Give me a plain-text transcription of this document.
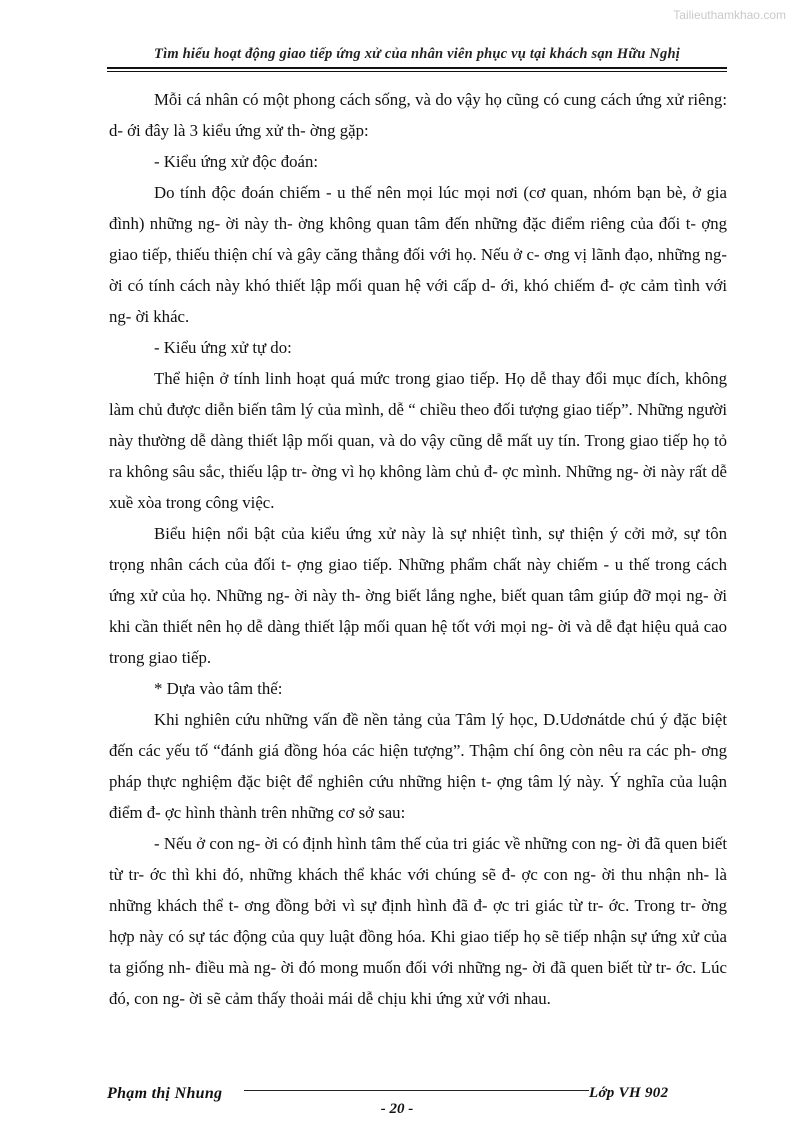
Tailieuthamkhao.com
Tìm hiểu hoạt động giao tiếp ứng xử của nhân viên phục vụ tại khách sạn Hữu Nghị

Mỗi cá nhân có một phong cách sống, và do vậy họ cũng có cung cách ứng xử riêng: d- ới đây là 3 kiểu ứng xử th- ờng gặp:

- Kiểu ứng xử độc đoán:

Do tính độc đoán chiếm - u thế nên mọi lúc mọi nơi (cơ quan, nhóm bạn bè, ở gia đình) những ng- ời này th- ờng không quan tâm đến những đặc điểm riêng của đối t- ợng giao tiếp, thiếu thiện chí và gây căng thẳng đối với họ. Nếu ở c- ơng vị lãnh đạo, những ng- ời có tính cách này khó thiết lập mối quan hệ với cấp d- ới, khó chiếm đ- ợc cảm tình với ng- ời khác.

- Kiểu ứng xử tự do:

Thể hiện ở tính linh hoạt quá mức trong giao tiếp. Họ dễ thay đổi mục đích, không làm chủ được diễn biến tâm lý của mình, dễ “ chiều theo đối tượng giao tiếp”. Những người này thường dễ dàng thiết lập mối quan, và do vậy cũng dễ mất uy tín. Trong giao tiếp họ tỏ ra không sâu sắc, thiếu lập tr- ờng vì họ không làm chủ đ- ợc mình. Những ng- ời này rất dễ xuề xòa trong công việc.

Biểu hiện nổi bật của kiểu ứng xử này là sự nhiệt tình, sự thiện ý cởi mở, sự tôn trọng nhân cách của đối t- ợng giao tiếp. Những phẩm chất này chiếm - u thế trong cách ứng xử của họ. Những ng- ời này th- ờng biết lắng nghe, biết quan tâm giúp đỡ mọi ng- ời khi cần thiết nên họ dễ dàng thiết lập mối quan hệ tốt với mọi ng- ời và dễ đạt hiệu quả cao trong giao tiếp.

* Dựa vào tâm thế:

Khi nghiên cứu những vấn đề nền tảng của Tâm lý học, D.Udơnátde chú ý đặc biệt đến các yếu tố “đánh giá đồng hóa các hiện tượng”. Thậm chí ông còn nêu ra các ph- ơng pháp thực nghiệm đặc biệt để nghiên cứu những hiện t- ợng tâm lý này. Ý nghĩa của luận điểm đ- ợc hình thành trên những cơ sở sau:

- Nếu ở con ng- ời có định hình tâm thế của tri giác về những con ng- ời đã quen biết từ tr- ớc thì khi đó, những khách thể khác với chúng sẽ đ- ợc con ng- ời thu nhận nh- là những khách thể t- ơng đồng bởi vì sự định hình đã đ- ợc tri giác từ tr- ớc. Trong tr- ờng hợp này có sự tác động của quy luật đồng hóa. Khi giao tiếp họ sẽ tiếp nhận sự ứng xử của ta giống nh- điều mà ng- ời đó mong muốn đối với những ng- ời đã quen biết từ tr- ớc. Lúc đó, con ng- ời sẽ cảm thấy thoải mái dễ chịu khi ứng xử với nhau.

Phạm thị Nhung	Lớp VH 902
- 20 -
